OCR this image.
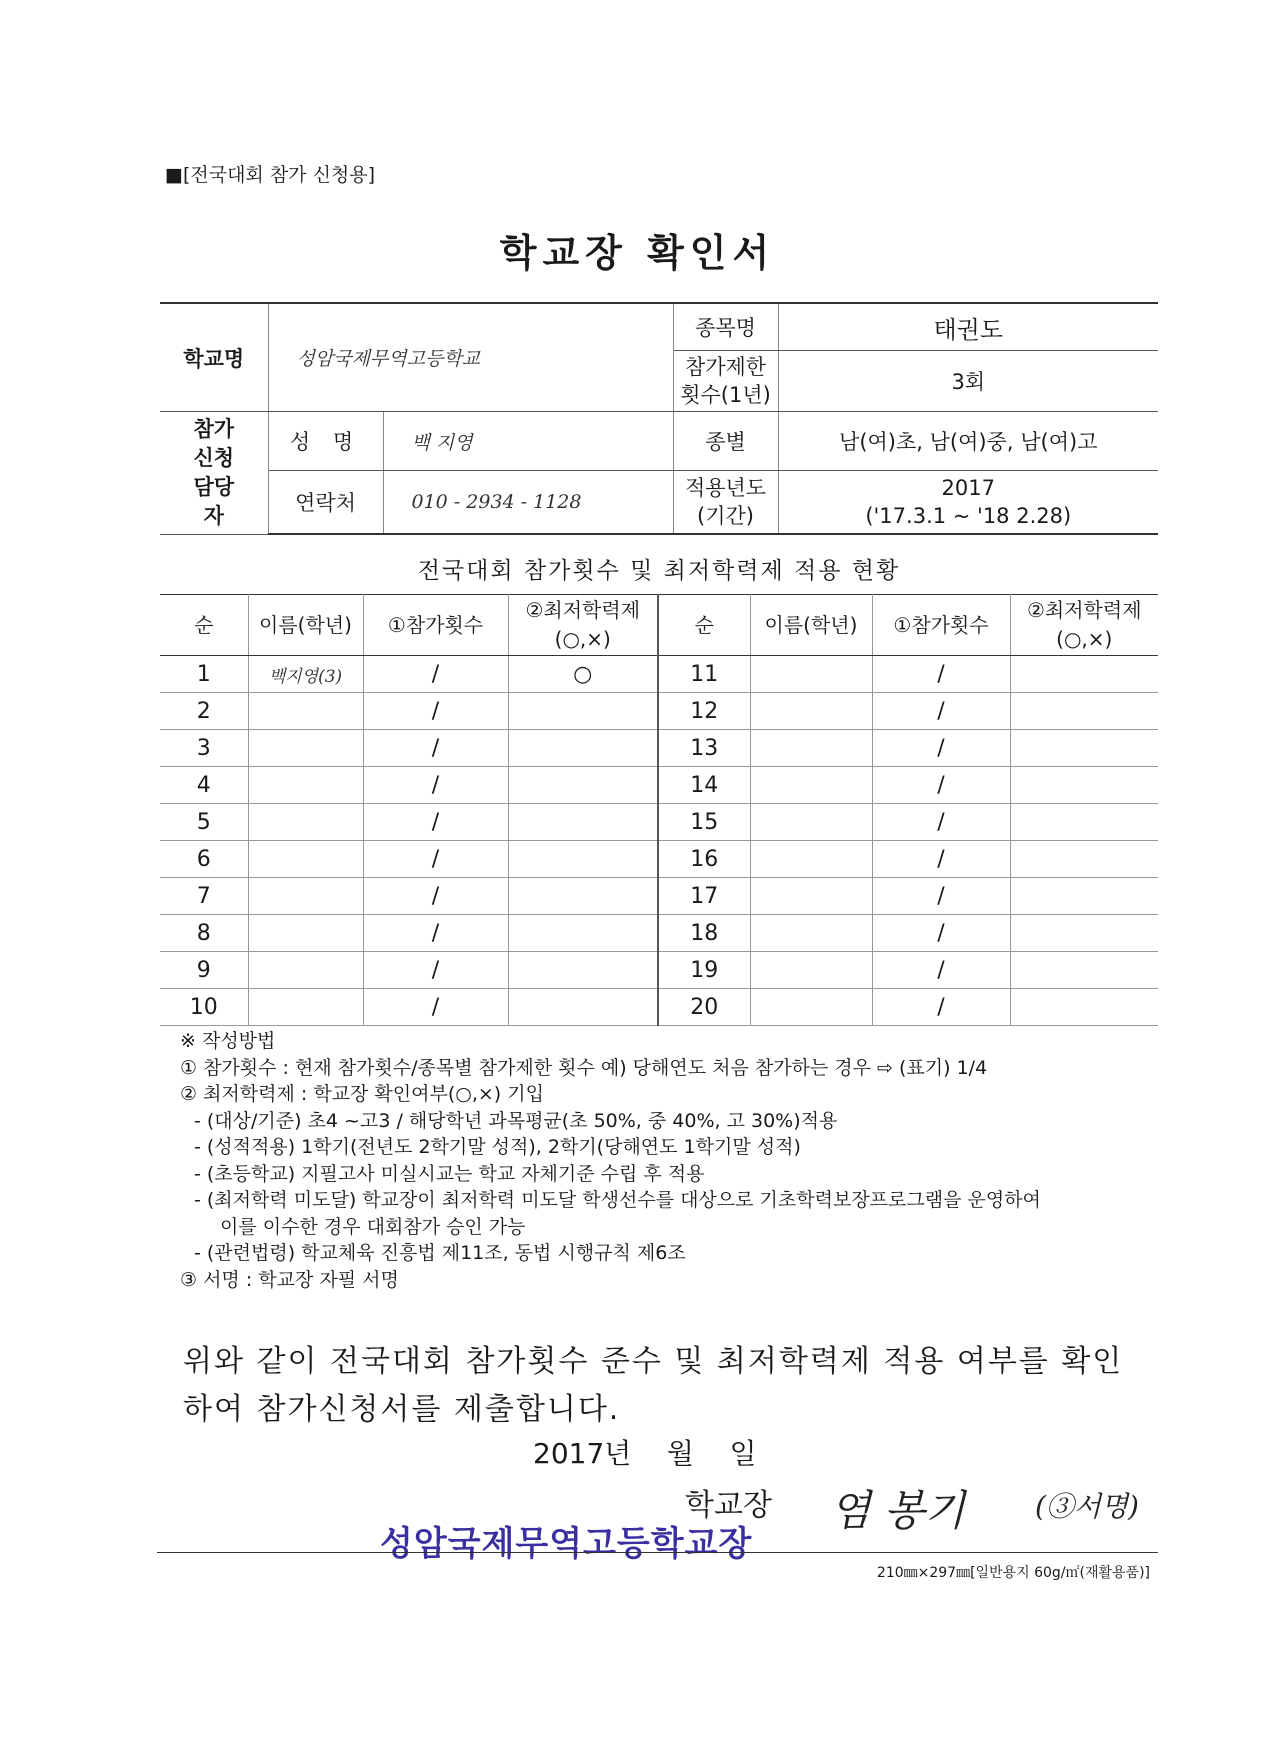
■[전국대회 참가 신청용]
학교장 확인서
학교명	성암국제무역고등학교		종목명	태권도
			참가제한 횟수(1년)	3회
참가 신청 담당자	성 명	백 지영	종별	남(여)초, 남(여)중, 남(여)고
	연락처	010 - 2934 - 1128	적용년도 (기간)	2017
('17.3.1 ~ '18 2.28)
전국대회 참가횟수 및 최저학력제 적용 현황
순	이름(학년)	①참가횟수	②최저학력제 (○,×)	순	이름(학년)	①참가횟수	②최저학력제 (○,×)
1	백지영(3)	/	○	11		/	
2		/		12		/	
3		/		13		/	
4		/		14		/	
5		/		15		/	
6		/		16		/	
7		/		17		/	
8		/		18		/	
9		/		19		/	
10		/		20		/	
※ 작성방법
① 참가횟수 : 현재 참가횟수/종목별 참가제한 횟수 예) 당해연도 처음 참가하는 경우 ⇨ (표기) 1/4
② 최저학력제 : 학교장 확인여부(○,×) 기입
- (대상/기준) 초4 ~고3 / 해당학년 과목평균(초 50%, 중 40%, 고 30%)적용
- (성적적용) 1학기(전년도 2학기말 성적), 2학기(당해연도 1학기말 성적)
- (초등학교) 지필고사 미실시교는 학교 자체기준 수립 후 적용
- (최저학력 미도달) 학교장이 최저학력 미도달 학생선수를 대상으로 기초학력보장프로그램을 운영하여
이를 이수한 경우 대회참가 승인 가능
- (관련법령) 학교체육 진흥법 제11조, 동법 시행규칙 제6조
③ 서명 : 학교장 자필 서명
위와 같이 전국대회 참가횟수 준수 및 최저학력제 적용 여부를 확인
하여 참가신청서를 제출합니다.
2017년    월    일
학교장 염 봉기 (③서명)
성암국제무역고등학교장
210㎜×297㎜[일반용지 60g/㎡(재활용품)]
